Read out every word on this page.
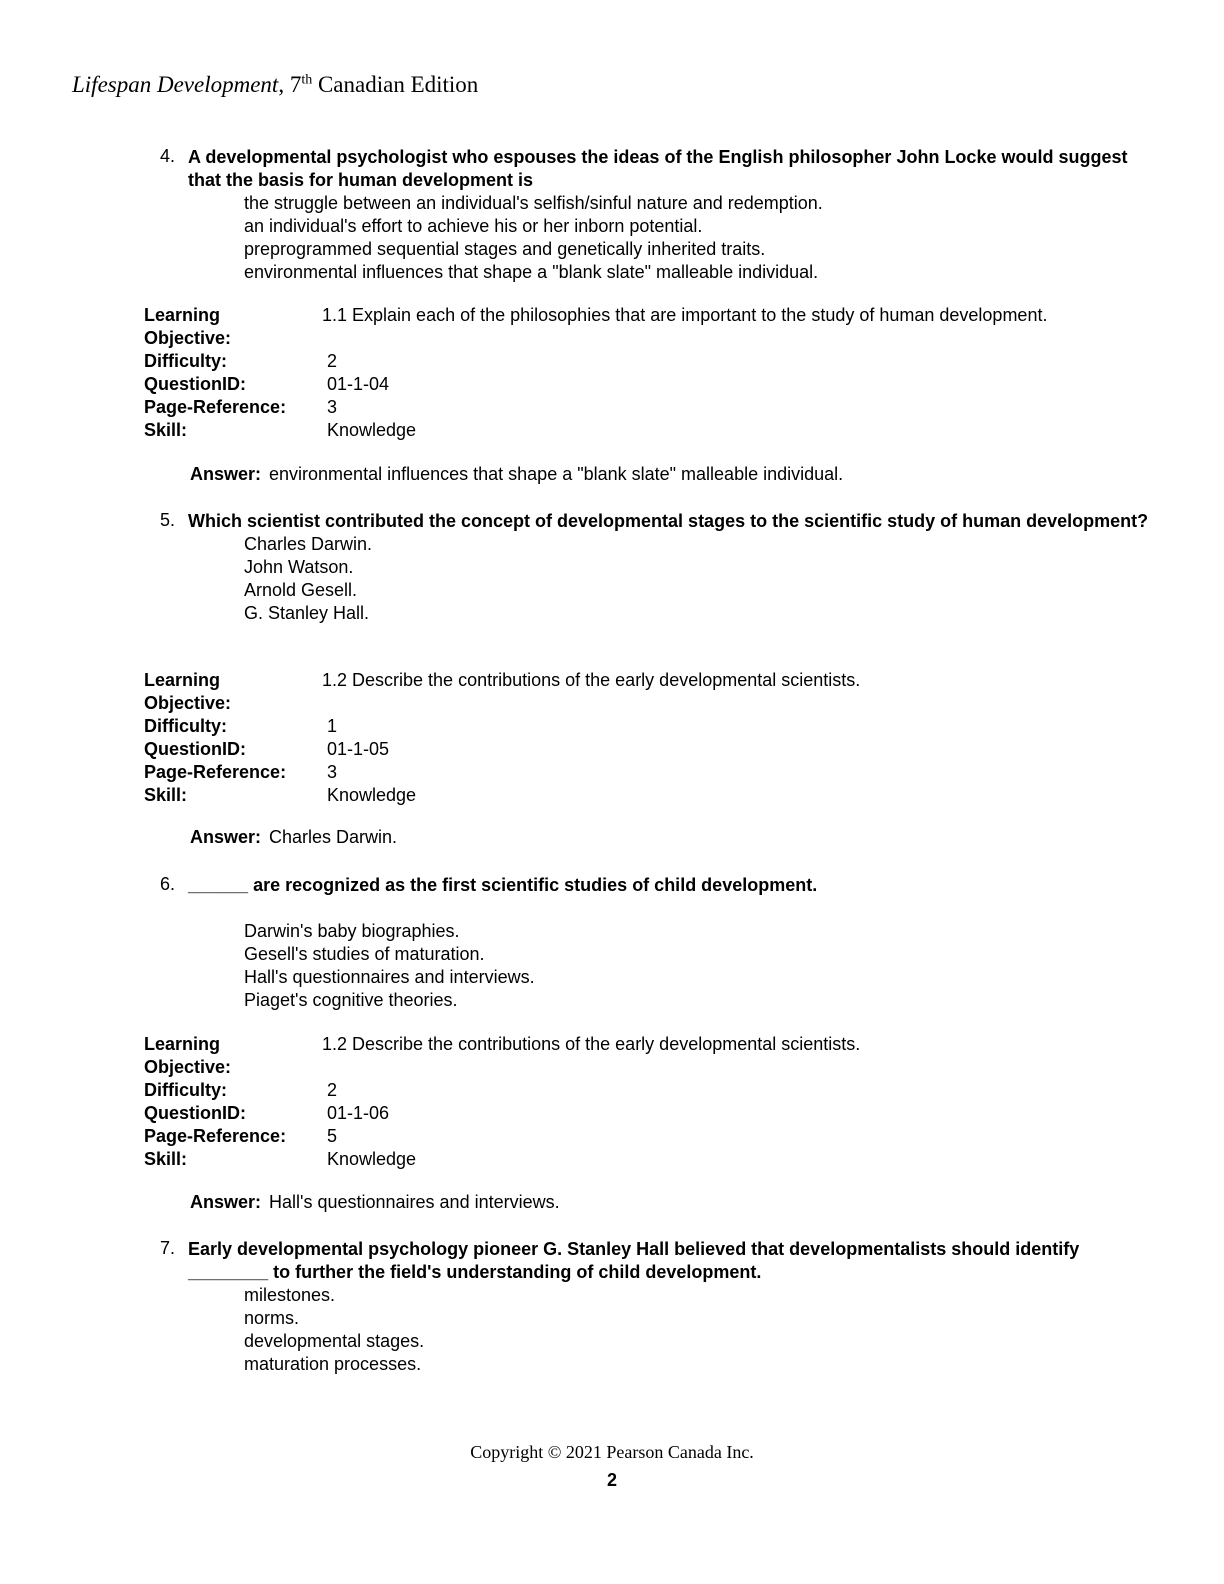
Lifespan Development, 7th Canadian Edition
4. A developmental psychologist who espouses the ideas of the English philosopher John Locke would suggest that the basis for human development is
the struggle between an individual's selfish/sinful nature and redemption.
an individual's effort to achieve his or her inborn potential.
preprogrammed sequential stages and genetically inherited traits.
environmental influences that shape a "blank slate" malleable individual.
Learning	1.1 Explain each of the philosophies that are important to the study of human development.
Objective:
Difficulty:	2
QuestionID:	01-1-04
Page-Reference: 3
Skill:	Knowledge
Answer: environmental influences that shape a "blank slate" malleable individual.
5. Which scientist contributed the concept of developmental stages to the scientific study of human development?
Charles Darwin.
John Watson.
Arnold Gesell.
G. Stanley Hall.
Learning	1.2 Describe the contributions of the early developmental scientists.
Objective:
Difficulty:	1
QuestionID:	01-1-05
Page-Reference: 3
Skill:	Knowledge
Answer: Charles Darwin.
6. ______ are recognized as the first scientific studies of child development.
Darwin's baby biographies.
Gesell's studies of maturation.
Hall's questionnaires and interviews.
Piaget's cognitive theories.
Learning	1.2 Describe the contributions of the early developmental scientists.
Objective:
Difficulty:	2
QuestionID:	01-1-06
Page-Reference: 5
Skill:	Knowledge
Answer: Hall's questionnaires and interviews.
7. Early developmental psychology pioneer G. Stanley Hall believed that developmentalists should identify ________ to further the field's understanding of child development.
milestones.
norms.
developmental stages.
maturation processes.
Copyright © 2021 Pearson Canada Inc.
2
